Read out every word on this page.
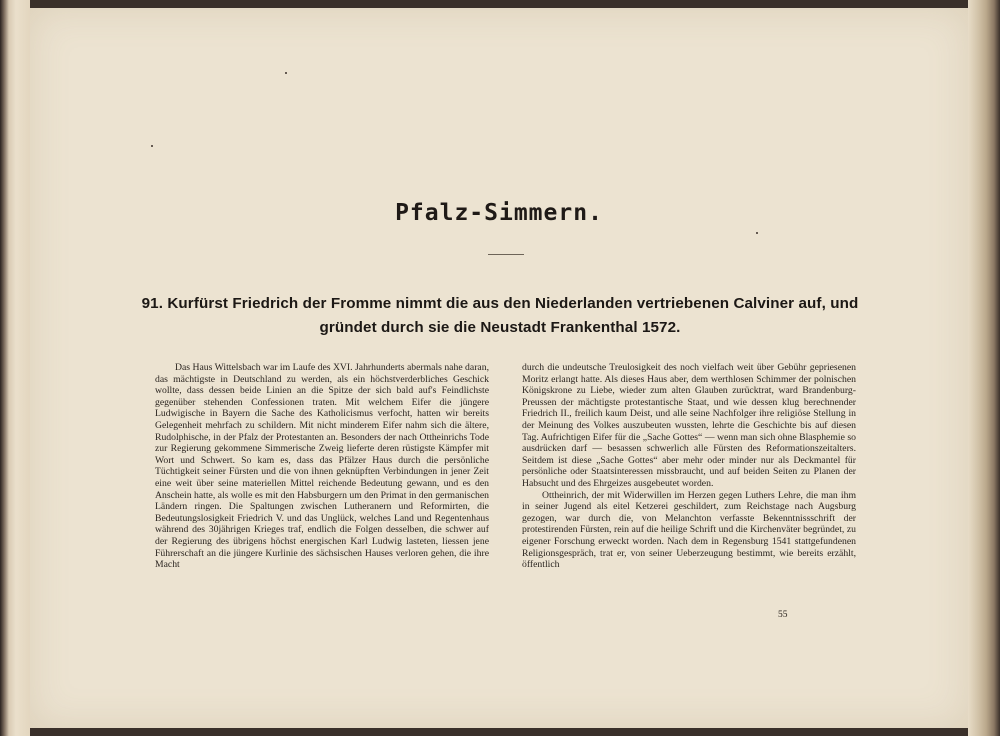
Pfalz-Simmern.
91. Kurfürst Friedrich der Fromme nimmt die aus den Niederlanden vertriebenen Calviner auf, und
gründet durch sie die Neustadt Frankenthal 1572.

Das Haus Wittelsbach war im Laufe des XVI. Jahrhunderts abermals nahe daran, das mächtigste in Deutschland zu werden, als ein höchstverderbliches Geschick wollte, dass dessen beide Linien an die Spitze der sich bald auf's Feindlichste gegenüber stehenden Confessionen traten. Mit welchem Eifer die jüngere Ludwigische in Bayern die Sache des Katholicismus verfocht, hatten wir bereits Gelegenheit mehrfach zu schildern. Mit nicht minderem Eifer nahm sich die ältere, Rudolphische, in der Pfalz der Protestanten an. Besonders der nach Ottheinrichs Tode zur Regierung gekommene Simmerische Zweig lieferte deren rüstigste Kämpfer mit Wort und Schwert. So kam es, dass das Pfälzer Haus durch die persönliche Tüchtigkeit seiner Fürsten und die von ihnen geknüpften Verbindungen in jener Zeit eine weit über seine materiellen Mittel reichende Bedeutung gewann, und es den Anschein hatte, als wolle es mit den Habsburgern um den Primat in den germanischen Ländern ringen. Die Spaltungen zwischen Lutheranern und Reformirten, die Bedeutungslosigkeit Friedrich V. und das Unglück, welches Land und Regentenhaus während des 30jährigen Krieges traf, endlich die Folgen desselben, die schwer auf der Regierung des übrigens höchst energischen Karl Ludwig lasteten, liessen jene Führerschaft an die jüngere Kurlinie des sächsischen Hauses verloren gehen, die ihre Macht

durch die undeutsche Treulosigkeit des noch vielfach weit über Gebühr gepriesenen Moritz erlangt hatte. Als dieses Haus aber, dem werthlosen Schimmer der polnischen Königskrone zu Liebe, wieder zum alten Glauben zurücktrat, ward Brandenburg-Preussen der mächtigste protestantische Staat, und wie dessen klug berechnender Friedrich II., freilich kaum Deist, und alle seine Nachfolger ihre religiöse Stellung in der Meinung des Volkes auszubeuten wussten, lehrte die Geschichte bis auf diesen Tag. Aufrichtigen Eifer für die „Sache Gottes“ — wenn man sich ohne Blasphemie so ausdrücken darf — besassen schwerlich alle Fürsten des Reformationszeitalters. Seitdem ist diese „Sache Gottes“ aber mehr oder minder nur als Deckmantel für persönliche oder Staatsinteressen missbraucht, und auf beiden Seiten zu Planen der Habsucht und des Ehrgeizes ausgebeutet worden.

Ottheinrich, der mit Widerwillen im Herzen gegen Luthers Lehre, die man ihm in seiner Jugend als eitel Ketzerei geschildert, zum Reichstage nach Augsburg gezogen, war durch die, von Melanchton verfasste Bekenntnissschrift der protestirenden Fürsten, rein auf die heilige Schrift und die Kirchenväter begründet, zu eigener Forschung erweckt worden. Nach dem in Regensburg 1541 stattgefundenen Religionsgespräch, trat er, von seiner Ueberzeugung bestimmt, wie bereits erzählt, öffentlich

55
